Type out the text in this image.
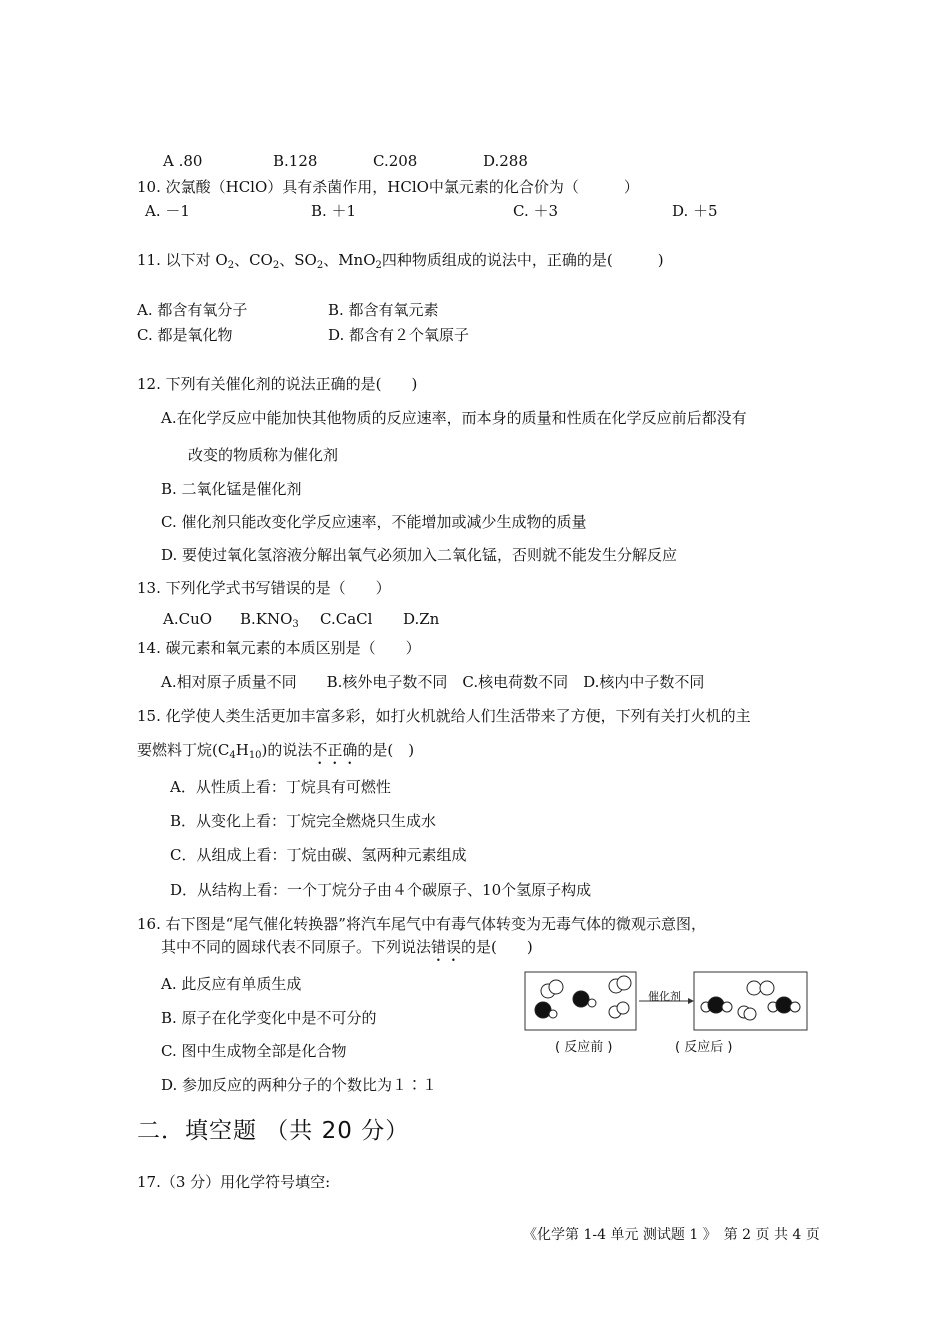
A .80	B.128	C.208	D.288
10. 次氯酸（HClO）具有杀菌作用，HClO中氯元素的化合价为（　　　）
A. －1	B. ＋1	C. ＋3	D. ＋5
11. 以下对 $O_2$、$CO_2$、$SO_2$、MnO$_2$四种物质组成的说法中，正确的是(　　　)
A. 都含有氧分子	B. 都含有氧元素
C. 都是氧化物	D. 都含有２个氧原子
12. 下列有关催化剂的说法正确的是(　　)
A.在化学反应中能加快其他物质的反应速率，而本身的质量和性质在化学反应前后都没有
改变的物质称为催化剂
B. 二氧化锰是催化剂
C. 催化剂只能改变化学反应速率，不能增加或减少生成物的质量
D. 要使过氧化氢溶液分解出氧气必须加入二氧化锰，否则就不能发生分解反应
13. 下列化学式书写错误的是（　　）
A.CuO $B.KNO_3$ C.CaCl D.Zn
14. 碳元素和氧元素的本质区别是（　　）
A.相对原子质量不同　　B.核外电子数不同　C.核电荷数不同　D.核内中子数不同
15. 化学使人类生活更加丰富多彩，如打火机就给人们生活带来了方便，下列有关打火机的主
要燃料丁烷$(C_4H_{10})$的说法不正确的是(　)
A．从性质上看：丁烷具有可燃性
B．从变化上看：丁烷完全燃烧只生成水
C．从组成上看：丁烷由碳、氢两种元素组成
D．从结构上看：一个丁烷分子由４个碳原子、10个氢原子构成
16. 右下图是“尾气催化转换器”将汽车尾气中有毒气体转变为无毒气体的微观示意图，
其中不同的圆球代表不同原子。下列说法错误的是(　　)
A. 此反应有单质生成
B. 原子在化学变化中是不可分的
C. 图中生成物全部是化合物
D. 参加反应的两种分子的个数比为１∶１
催化剂
( 反应前 )	( 反应后 )
二．填空题 （共 20 分）
17.（3 分）用化学符号填空:
《化学第 1-4 单元 测试题 1 》　第 2 页 共 4 页
